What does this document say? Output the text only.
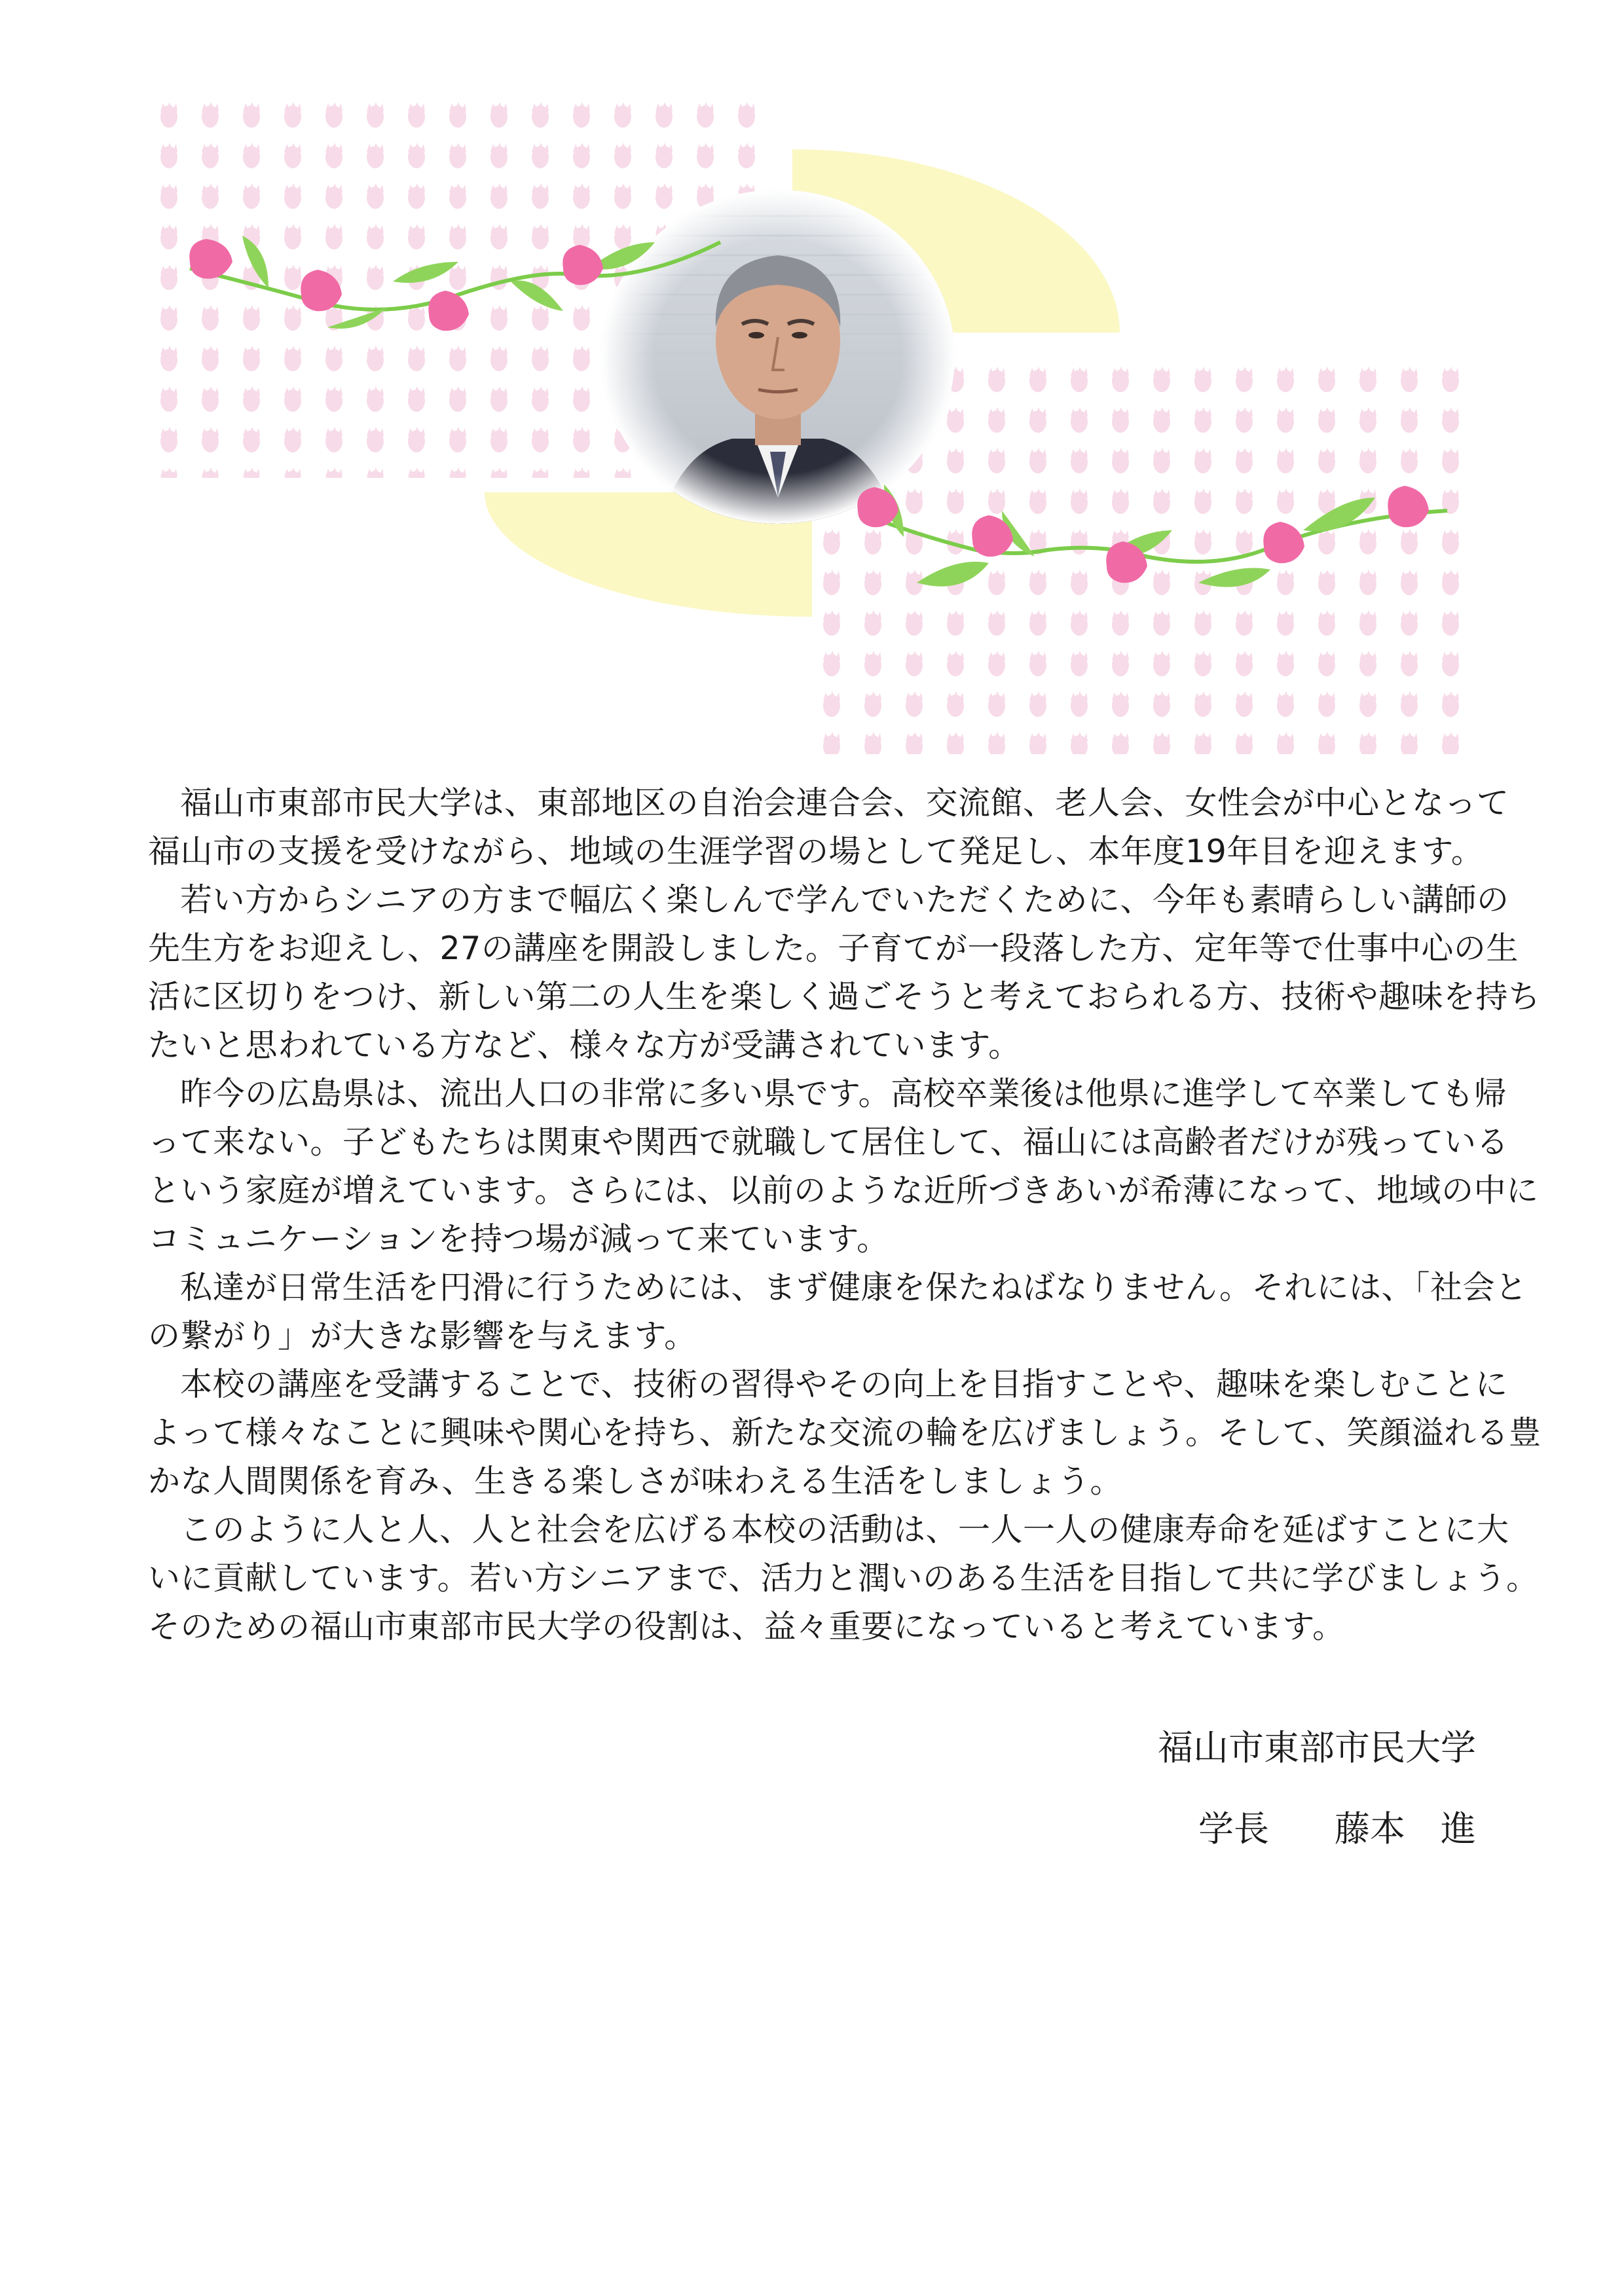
福山市東部市民大学は、東部地区の自治会連合会、交流館、老人会、女性会が中心となって
福山市の支援を受けながら、地域の生涯学習の場として発足し、本年度19年目を迎えます。

若い方からシニアの方まで幅広く楽しんで学んでいただくために、今年も素晴らしい講師の
先生方をお迎えし、27の講座を開設しました。子育てが一段落した方、定年等で仕事中心の生
活に区切りをつけ、新しい第二の人生を楽しく過ごそうと考えておられる方、技術や趣味を持ち
たいと思われている方など、様々な方が受講されています。

昨今の広島県は、流出人口の非常に多い県です。高校卒業後は他県に進学して卒業しても帰
って来ない。子どもたちは関東や関西で就職して居住して、福山には高齢者だけが残っている
という家庭が増えています。さらには、以前のような近所づきあいが希薄になって、地域の中に
コミュニケーションを持つ場が減って来ています。

私達が日常生活を円滑に行うためには、まず健康を保たねばなりません。それには、「社会と
の繋がり」が大きな影響を与えます。

本校の講座を受講することで、技術の習得やその向上を目指すことや、趣味を楽しむことに
よって様々なことに興味や関心を持ち、新たな交流の輪を広げましょう。そして、笑顔溢れる豊
かな人間関係を育み、生きる楽しさが味わえる生活をしましょう。

このように人と人、人と社会を広げる本校の活動は、一人一人の健康寿命を延ばすことに大
いに貢献しています。若い方シニアまで、活力と潤いのある生活を目指して共に学びましょう。
そのための福山市東部市民大学の役割は、益々重要になっていると考えています。

福山市東部市民大学
学長 藤本　進
